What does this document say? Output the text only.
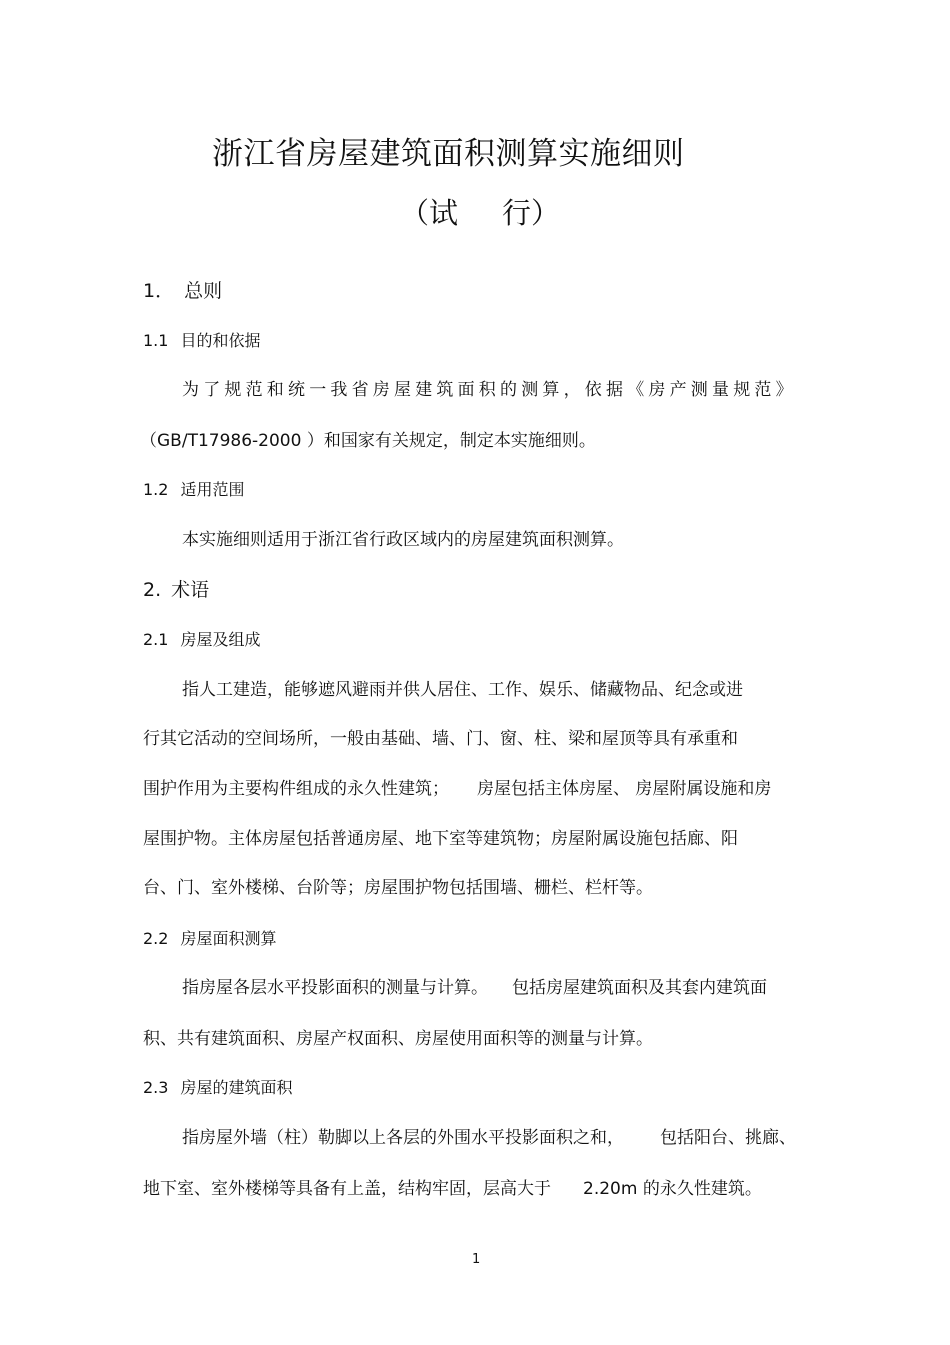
浙江省房屋建筑面积测算实施细则
（试 行）
1． 总则
1.1 目的和依据
为了规范和统一我省房屋建筑面积的测算，依据《房产测量规范》
（GB/T17986-2000 ）和国家有关规定，制定本实施细则。
1.2 适用范围
本实施细则适用于浙江省行政区域内的房屋建筑面积测算。
2. 术语
2.1 房屋及组成
指人工建造，能够遮风避雨并供人居住、工作、娱乐、储藏物品、纪念或进
行其它活动的空间场所，一般由基础、墙、门、窗、柱、梁和屋顶等具有承重和
围护作用为主要构件组成的永久性建筑； 房屋包括主体房屋、 房屋附属设施和房
屋围护物。主体房屋包括普通房屋、地下室等建筑物；房屋附属设施包括廊、阳
台、门、室外楼梯、台阶等；房屋围护物包括围墙、栅栏、栏杆等。
2.2 房屋面积测算
指房屋各层水平投影面积的测量与计算。 包括房屋建筑面积及其套内建筑面
积、共有建筑面积、房屋产权面积、房屋使用面积等的测量与计算。
2.3 房屋的建筑面积
指房屋外墙（柱）勒脚以上各层的外围水平投影面积之和， 包括阳台、挑廊、
地下室、室外楼梯等具备有上盖，结构牢固，层高大于 2.20m 的永久性建筑。
1
